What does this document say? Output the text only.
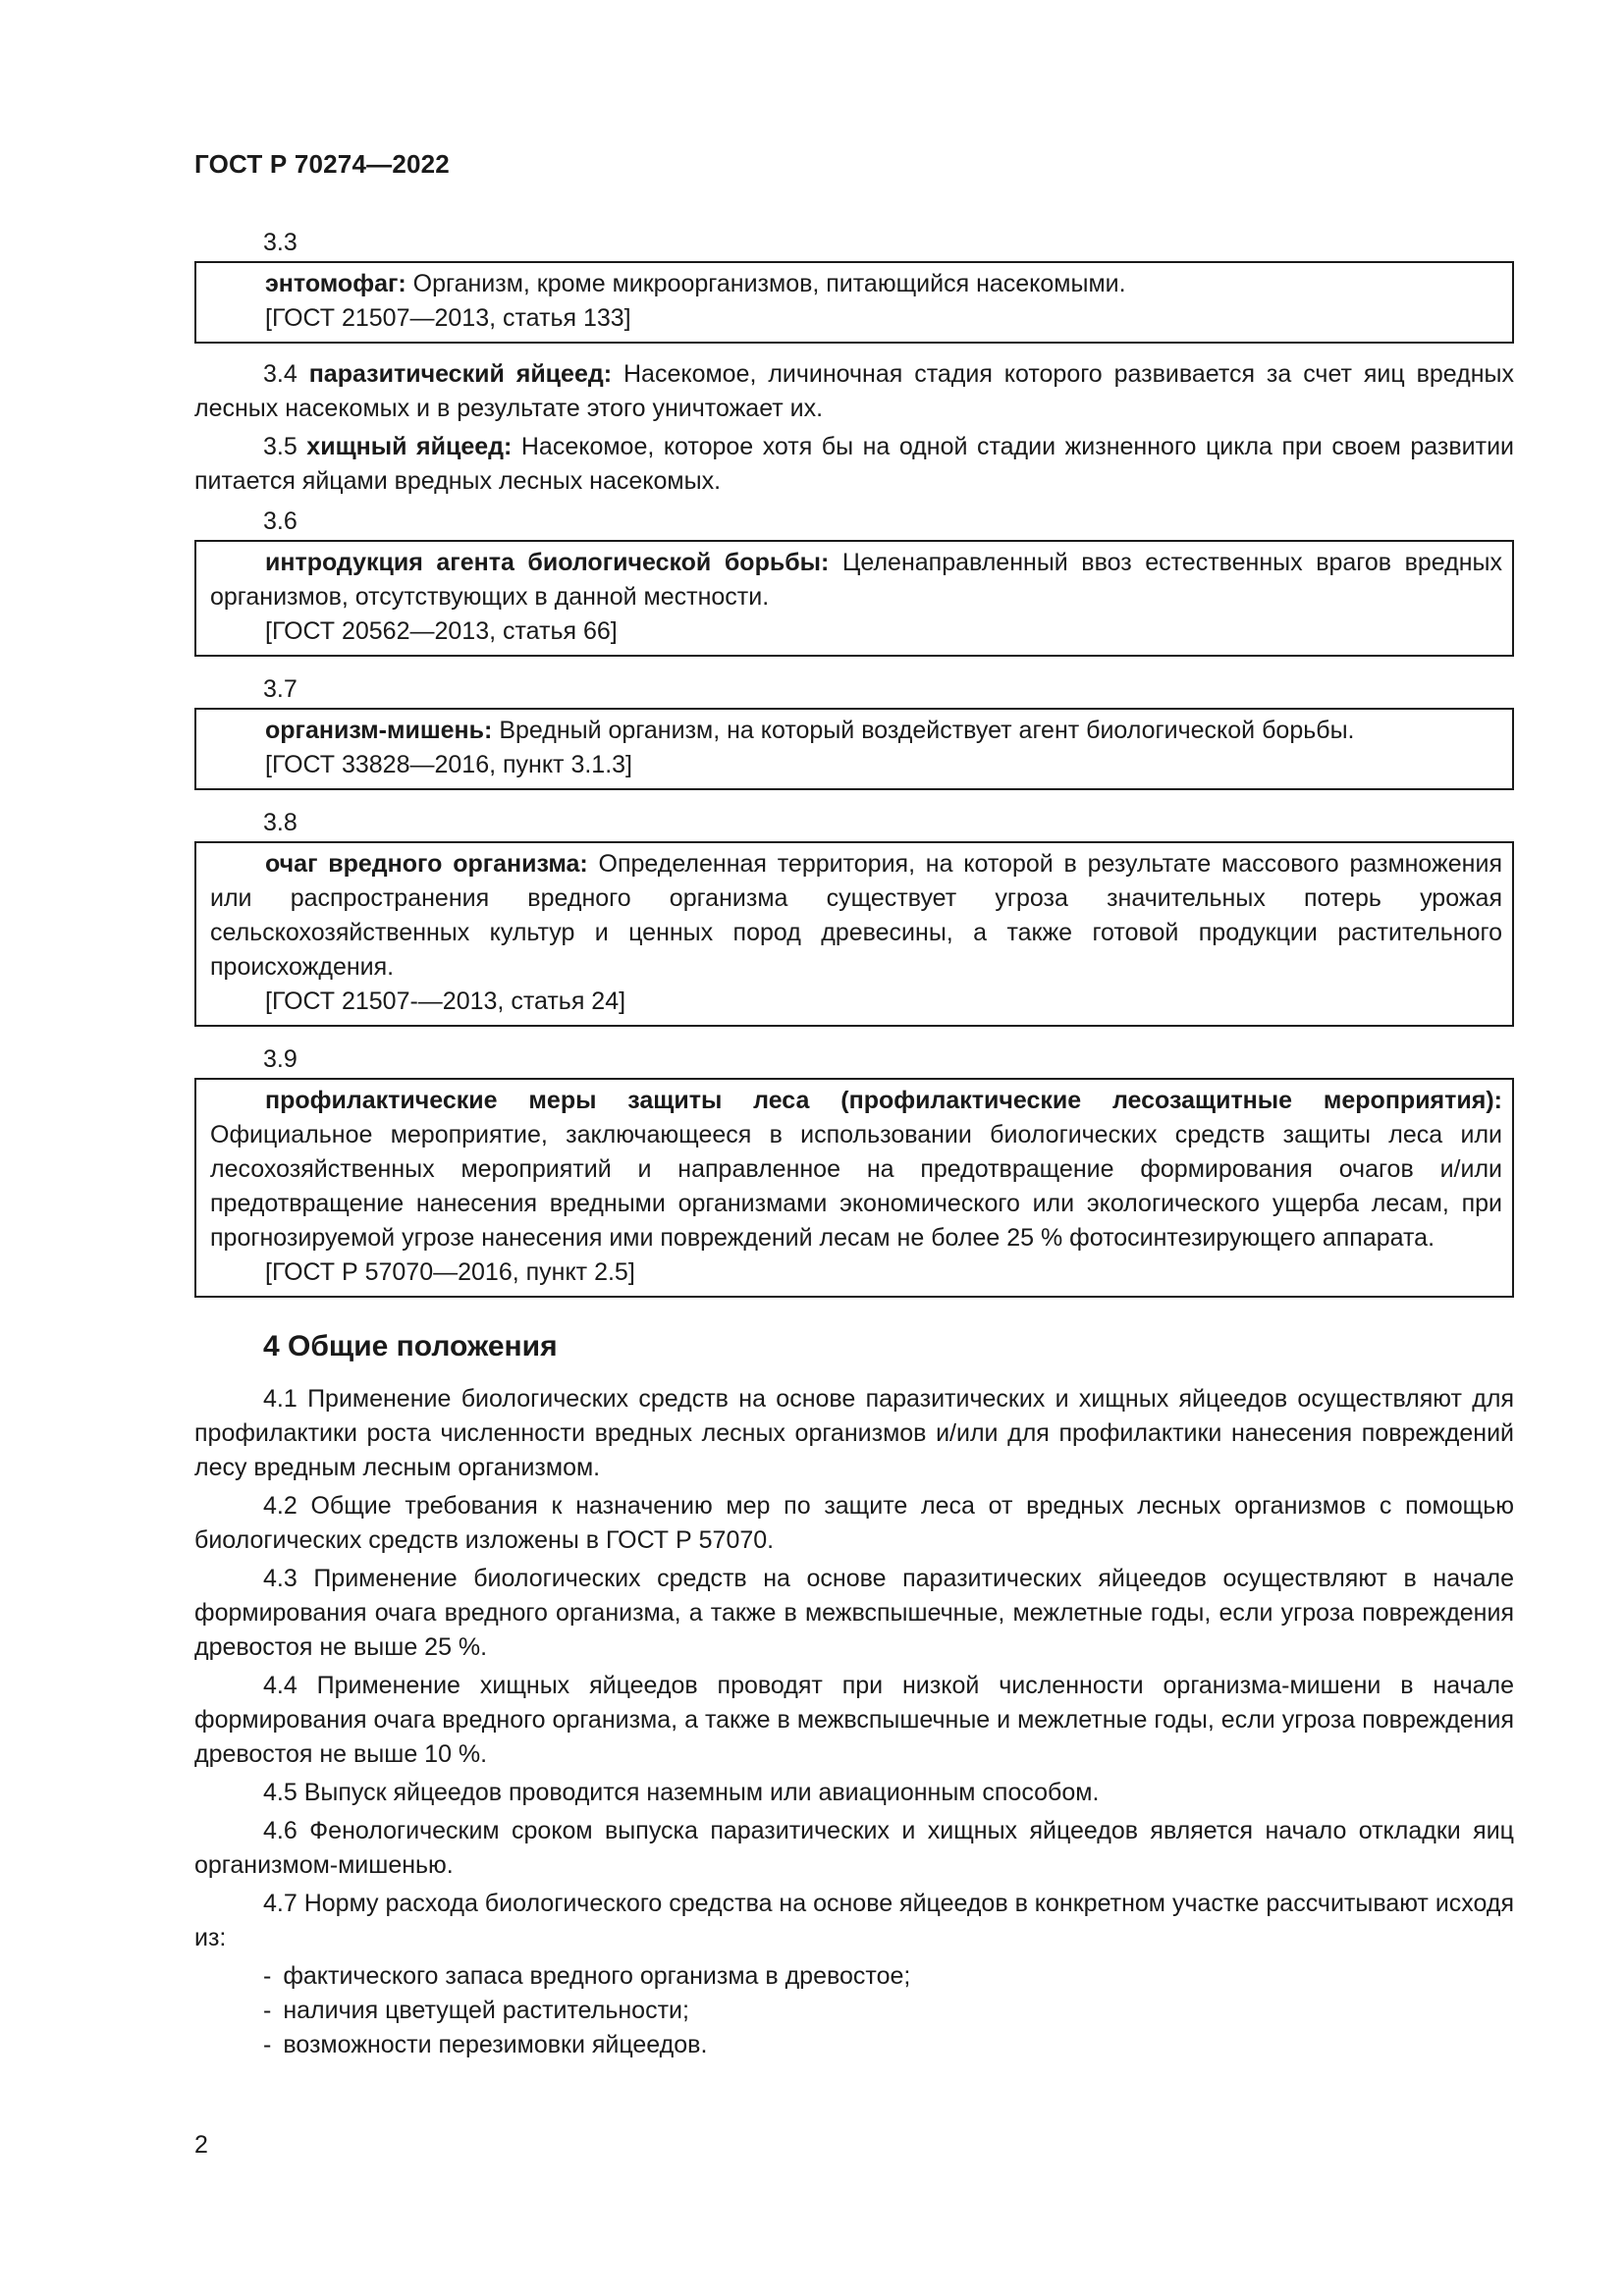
ГОСТ Р 70274—2022

3.3

энтомофаг: Организм, кроме микроорганизмов, питающийся насекомыми.

[ГОСТ 21507—2013, статья 133]

3.4 паразитический яйцеед: Насекомое, личиночная стадия которого развивается за счет яиц вредных лесных насекомых и в результате этого уничтожает их.

3.5 хищный яйцеед: Насекомое, которое хотя бы на одной стадии жизненного цикла при своем развитии питается яйцами вредных лесных насекомых.

3.6

интродукция агента биологической борьбы: Целенаправленный ввоз естественных врагов вредных организмов, отсутствующих в данной местности.

[ГОСТ 20562—2013, статья 66]

3.7

организм-мишень: Вредный организм, на который воздействует агент биологической борьбы.

[ГОСТ 33828—2016, пункт 3.1.3]

3.8

очаг вредного организма: Определенная территория, на которой в результате массового размножения или распространения вредного организма существует угроза значительных потерь урожая сельскохозяйственных культур и ценных пород древесины, а также готовой продукции растительного происхождения.

[ГОСТ 21507-—2013, статья 24]

3.9

профилактические меры защиты леса (профилактические лесозащитные мероприятия): Официальное мероприятие, заключающееся в использовании биологических средств защиты леса или лесохозяйственных мероприятий и направленное на предотвращение формирования очагов и/или предотвращение нанесения вредными организмами экономического или экологического ущерба лесам, при прогнозируемой угрозе нанесения ими повреждений лесам не более 25 % фотосинтезирующего аппарата.

[ГОСТ Р 57070—2016, пункт 2.5]

4 Общие положения

4.1 Применение биологических средств на основе паразитических и хищных яйцеедов осуществляют для профилактики роста численности вредных лесных организмов и/или для профилактики нанесения повреждений лесу вредным лесным организмом.

4.2 Общие требования к назначению мер по защите леса от вредных лесных организмов с помощью биологических средств изложены в ГОСТ Р 57070.

4.3 Применение биологических средств на основе паразитических яйцеедов осуществляют в начале формирования очага вредного организма, а также в межвспышечные, межлетные годы, если угроза повреждения древостоя не выше 25 %.

4.4 Применение хищных яйцеедов проводят при низкой численности организма-мишени в начале формирования очага вредного организма, а также в межвспышечные и межлетные годы, если угроза повреждения древостоя не выше 10 %.

4.5 Выпуск яйцеедов проводится наземным или авиационным способом.

4.6 Фенологическим сроком выпуска паразитических и хищных яйцеедов является начало откладки яиц организмом-мишенью.

4.7 Норму расхода биологического средства на основе яйцеедов в конкретном участке рассчитывают исходя из:

- фактического запаса вредного организма в древостое;
- наличия цветущей растительности;
- возможности перезимовки яйцеедов.
2
